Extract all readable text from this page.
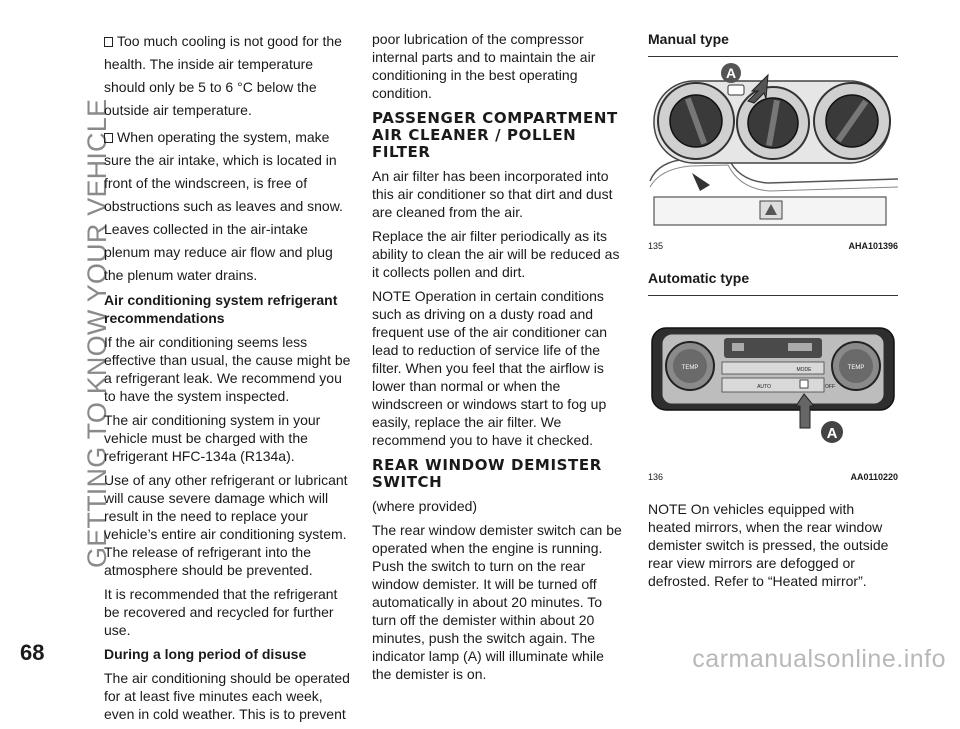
GETTING TO KNOW YOUR VEHICLE

Too much cooling is not good for the health. The inside air temperature should only be 5 to 6 °C below the outside air temperature.

When operating the system, make sure the air intake, which is located in front of the windscreen, is free of obstructions such as leaves and snow. Leaves collected in the air-intake plenum may reduce air flow and plug the plenum water drains.

Air conditioning system refrigerant recommendations

If the air conditioning seems less effective than usual, the cause might be a refrigerant leak. We recommend you to have the system inspected.

The air conditioning system in your vehicle must be charged with the refrigerant HFC-134a (R134a).

Use of any other refrigerant or lubricant will cause severe damage which will result in the need to replace your vehicle’s entire air conditioning system. The release of refrigerant into the atmosphere should be prevented.

It is recommended that the refrigerant be recovered and recycled for further use.

During a long period of disuse

The air conditioning should be operated for at least five minutes each week, even in cold weather. This is to prevent

poor lubrication of the compressor internal parts and to maintain the air conditioning in the best operating condition.

PASSENGER COMPARTMENT AIR CLEANER / POLLEN FILTER

An air filter has been incorporated into this air conditioner so that dirt and dust are cleaned from the air.

Replace the air filter periodically as its ability to clean the air will be reduced as it collects pollen and dirt.

NOTE Operation in certain conditions such as driving on a dusty road and frequent use of the air conditioner can lead to reduction of service life of the filter. When you feel that the airflow is lower than normal or when the windscreen or windows start to fog up easily, replace the air filter. We recommend you to have it checked.

REAR WINDOW DEMISTER SWITCH

(where provided)

The rear window demister switch can be operated when the engine is running. Push the switch to turn on the rear window demister. It will be turned off automatically in about 20 minutes. To turn off the demister within about 20 minutes, push the switch again. The indicator lamp (A) will illuminate while the demister is on.

Manual type
A
135	AHA101396
Automatic type
TEMP	TEMP
MODE
AUTO	OFF
A
136	AA0110220

NOTE On vehicles equipped with heated mirrors, when the rear window demister switch is pressed, the outside rear view mirrors are defogged or defrosted. Refer to “Heated mirror”.

68	carmanualsonline.info
